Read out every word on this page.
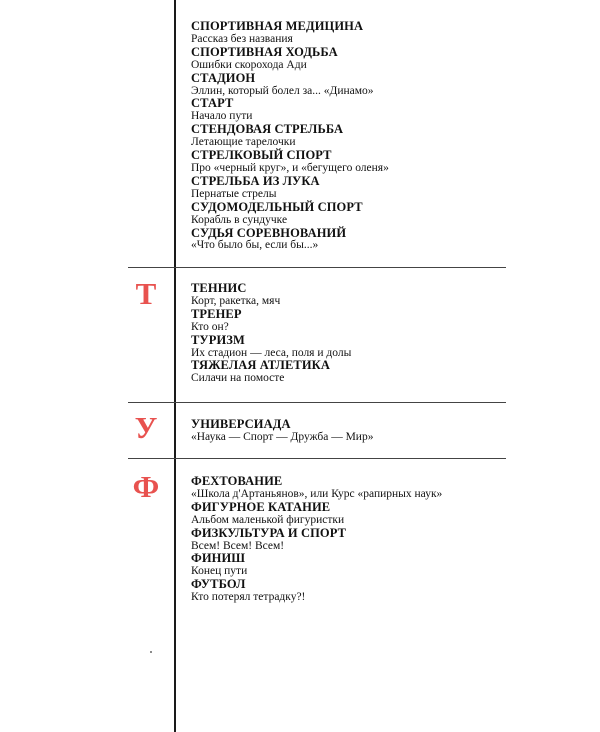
СПОРТИВНАЯ МЕДИЦИНА
Рассказ без названия
СПОРТИВНАЯ ХОДЬБА
Ошибки скорохода Ади
СТАДИОН
Эллин, который болел за... «Динамо»
СТАРТ
Начало пути
СТЕНДОВАЯ СТРЕЛЬБА
Летающие тарелочки
СТРЕЛКОВЫЙ СПОРТ
Про «черный круг», и «бегущего оленя»
СТРЕЛЬБА ИЗ ЛУКА
Пернатые стрелы
СУДОМОДЕЛЬНЫЙ СПОРТ
Корабль в сундучке
СУДЬЯ СОРЕВНОВАНИЙ
«Что было бы, если бы...»
Т	ТЕННИС
Корт, ракетка, мяч
ТРЕНЕР
Кто он?
ТУРИЗМ
Их стадион — леса, поля и долы
ТЯЖЕЛАЯ АТЛЕТИКА
Силачи на помосте
У	УНИВЕРСИАДА
«Наука — Спорт — Дружба — Мир»
Ф	ФЕХТОВАНИЕ
«Школа д'Артаньянов», или Курс «рапирных наук»
ФИГУРНОЕ КАТАНИЕ
Альбом маленькой фигуристки
ФИЗКУЛЬТУРА И СПОРТ
Всем! Всем! Всем!
ФИНИШ
Конец пути
ФУТБОЛ
Кто потерял тетрадку?!
